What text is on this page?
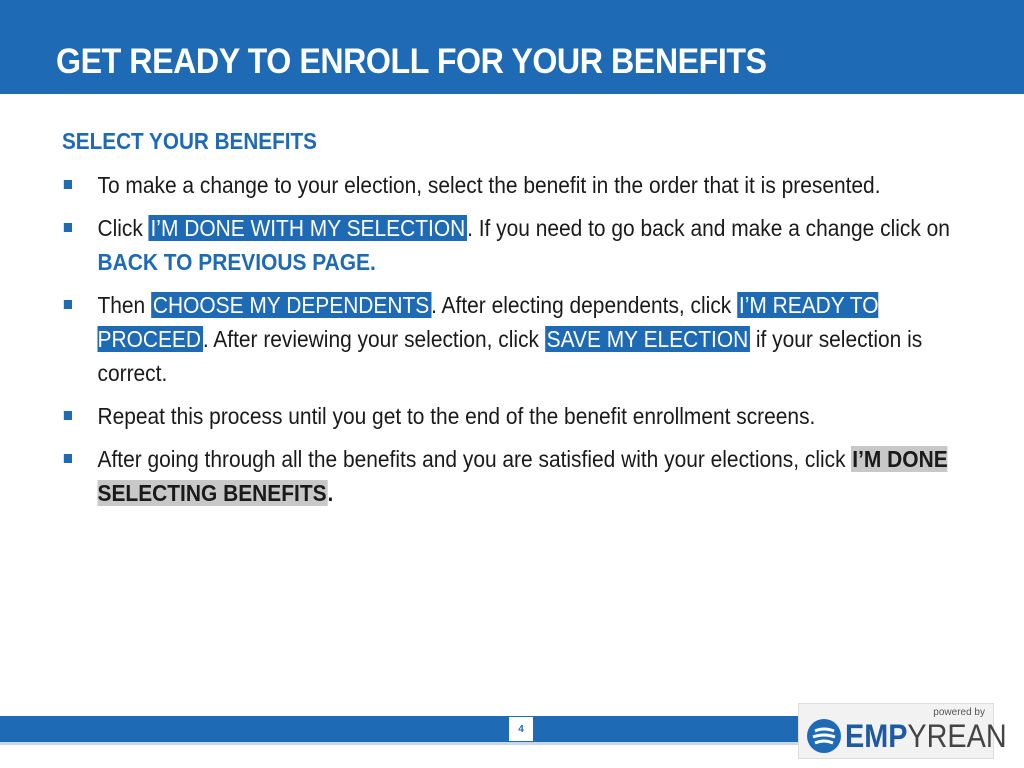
GET READY TO ENROLL FOR YOUR BENEFITS
SELECT YOUR BENEFITS
To make a change to your election, select the benefit in the order that it is presented.
Click I’M DONE WITH MY SELECTION. If you need to go back and make a change click on BACK TO PREVIOUS PAGE.
Then CHOOSE MY DEPENDENTS. After electing dependents, click I’M READY TO PROCEED. After reviewing your selection, click SAVE MY ELECTION if your selection is correct.
Repeat this process until you get to the end of the benefit enrollment screens.
After going through all the benefits and you are satisfied with your elections, click I’M DONE SELECTING BENEFITS.
4
powered by
EMPYREAN
